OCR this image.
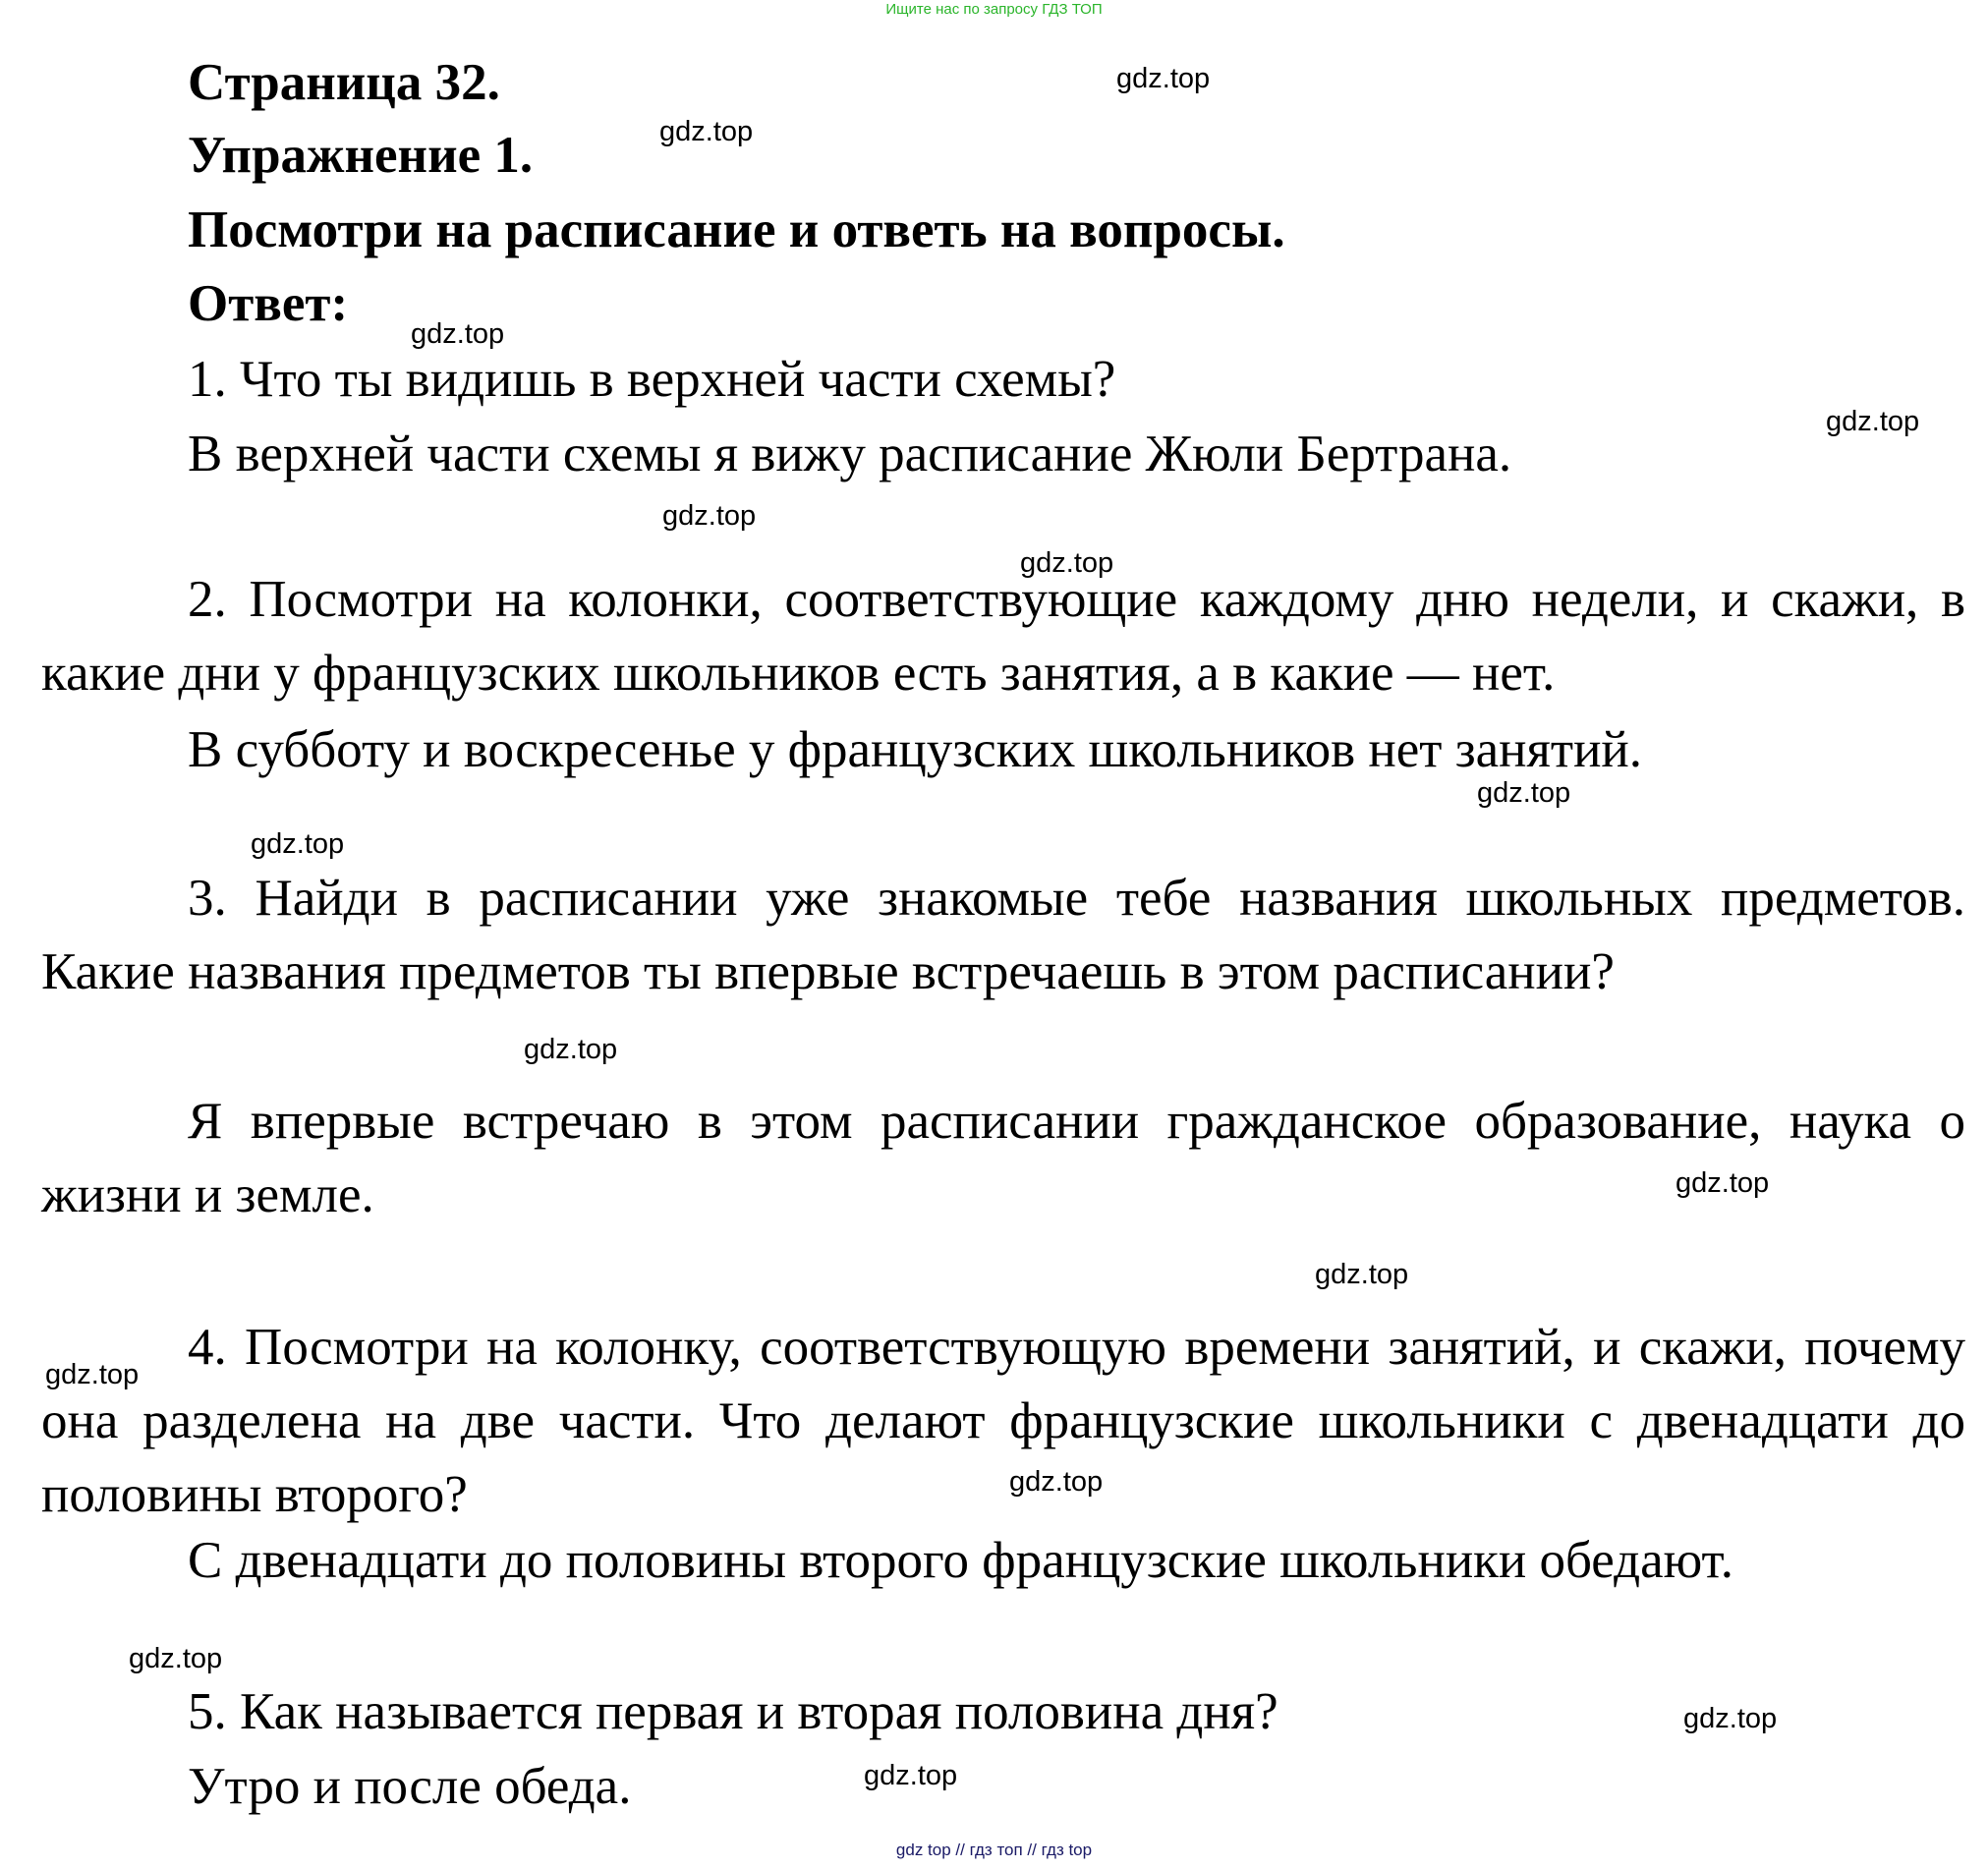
Ищите нас по запросу ГДЗ ТОП
Страница 32.
Упражнение 1.
Посмотри на расписание и ответь на вопросы.
Ответ:
1. Что ты видишь в верхней части схемы?
В верхней части схемы я вижу расписание Жюли Бертрана.
2. Посмотри на колонки, соответствующие каждому дню недели, и скажи, в какие дни у французских школьников есть занятия, а в какие — нет.
В субботу и воскресенье у французских школьников нет занятий.
3. Найди в расписании уже знакомые тебе названия школьных предметов. Какие названия предметов ты впервые встречаешь в этом расписании?
Я впервые встречаю в этом расписании гражданское образование, наука о жизни и земле.
4. Посмотри на колонку, соответствующую времени занятий, и скажи, почему она разделена на две части. Что делают французские школьники с двенадцати до половины второго?
С двенадцати до половины второго французские школьники обедают.
5. Как называется первая и вторая половина дня?
Утро и после обеда.
gdz.top
gdz.top
gdz.top
gdz.top
gdz.top
gdz.top
gdz.top
gdz.top
gdz.top
gdz.top
gdz.top
gdz.top
gdz.top
gdz.top
gdz.top
gdz.top
gdz top // гдз топ // гдз top
